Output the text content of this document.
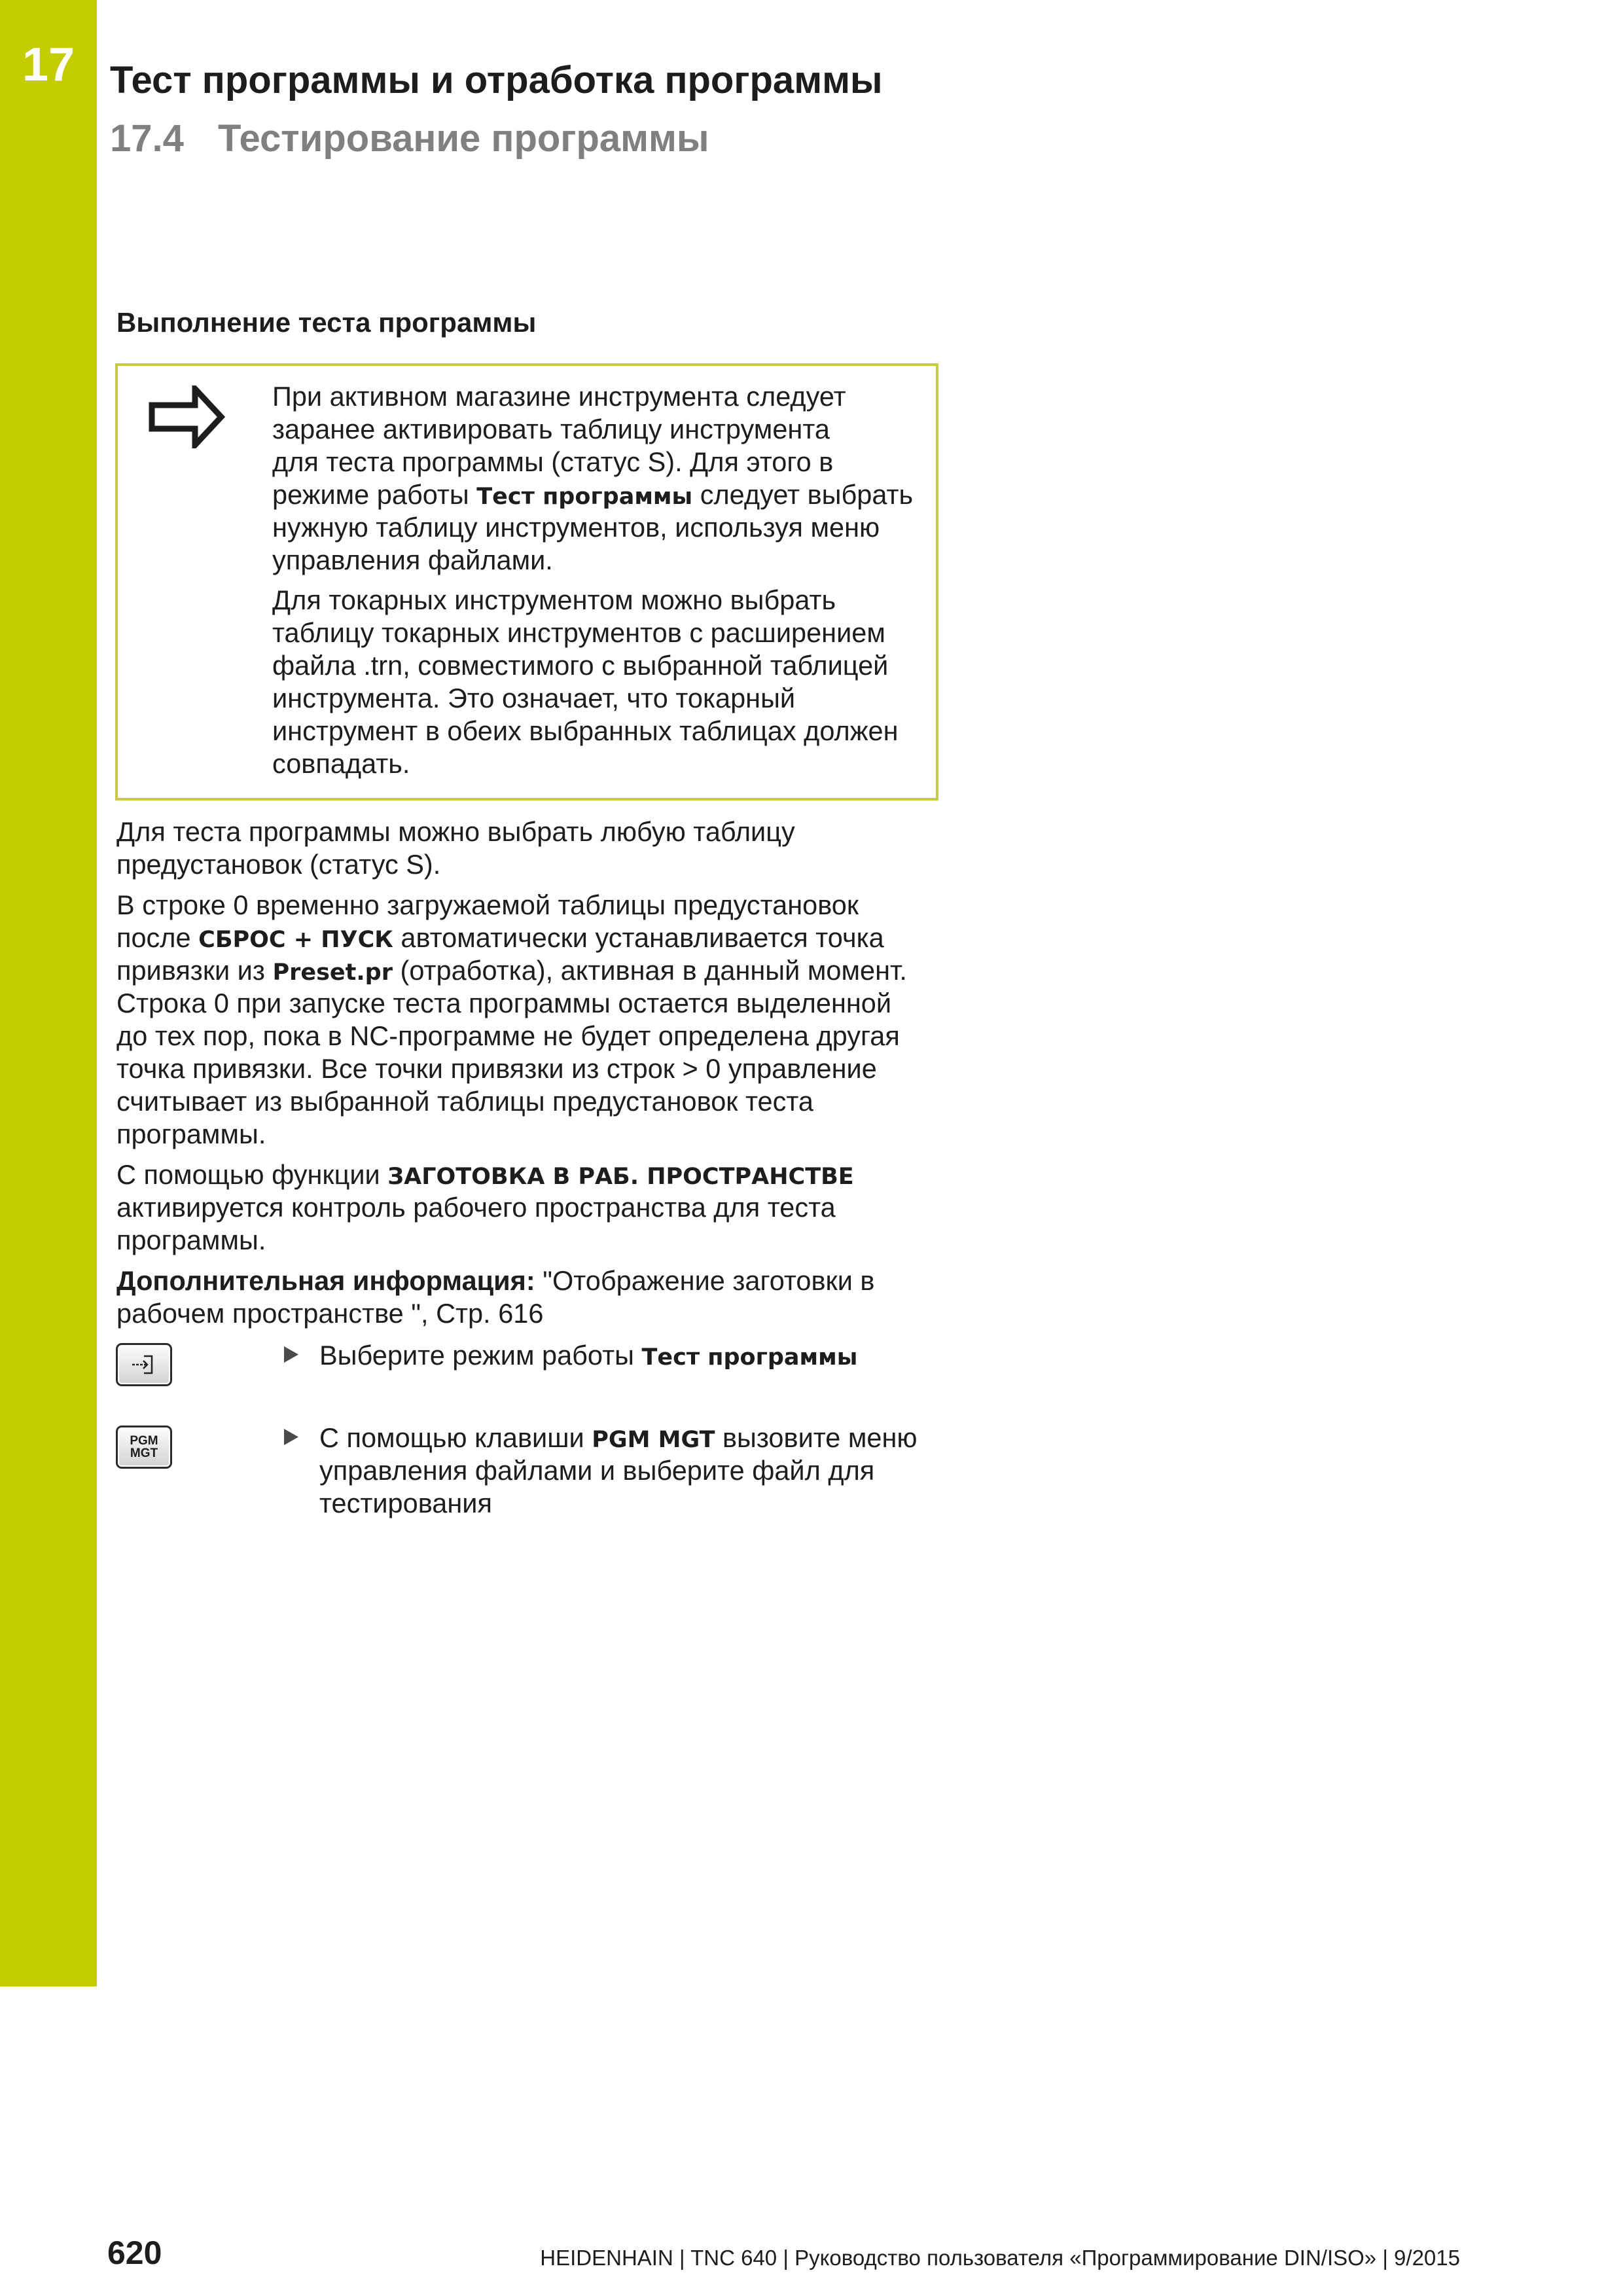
17 Тест программы и отработка программы
17.4 Тестирование программы
Выполнение теста программы
При активном магазине инструмента следует
заранее активировать таблицу инструмента
для теста программы (статус S). Для этого в
режиме работы Тест программы следует выбрать
нужную таблицу инструментов, используя меню
управления файлами.
Для токарных инструментом можно выбрать
таблицу токарных инструментов с расширением
файла .trn, совместимого с выбранной таблицей
инструмента. Это означает, что токарный
инструмент в обеих выбранных таблицах должен
совпадать.
Для теста программы можно выбрать любую таблицу
предустановок (статус S).
В строке 0 временно загружаемой таблицы предустановок
после СБРОС + ПУСК автоматически устанавливается точка
привязки из Preset.pr (отработка), активная в данный момент.
Строка 0 при запуске теста программы остается выделенной
до тех пор, пока в NC-программе не будет определена другая
точка привязки. Все точки привязки из строк > 0 управление
считывает из выбранной таблицы предустановок теста
программы.
С помощью функции ЗАГОТОВКА В РАБ. ПРОСТРАНСТВЕ
активируется контроль рабочего пространства для теста
программы.
Дополнительная информация: "Отображение заготовки в
рабочем пространстве ", Стр. 616
Выберите режим работы Тест программы
PGM
MGT
С помощью клавиши PGM MGT вызовите меню
управления файлами и выберите файл для
тестирования
620	HEIDENHAIN | TNC 640 | Руководство пользователя «Программирование DIN/ISO» | 9/2015
